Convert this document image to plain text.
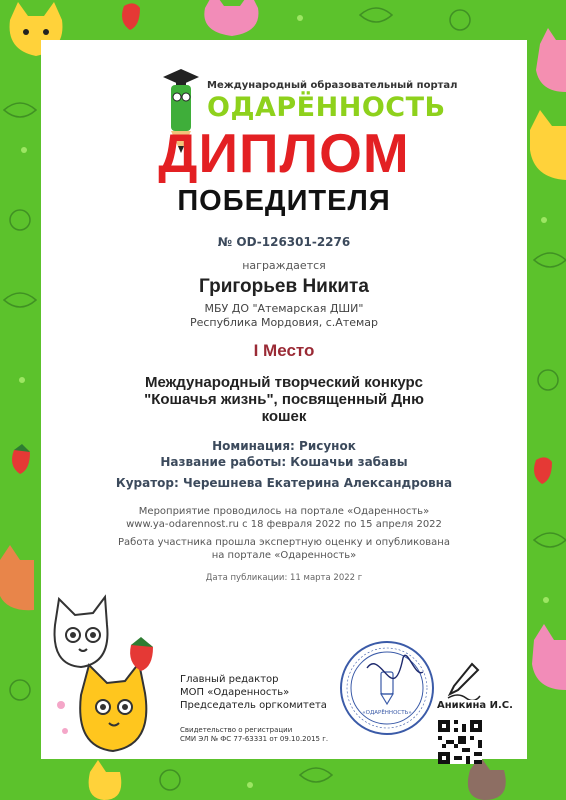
Международный образовательный портал
ОДАРЁННОСТЬ
ДИПЛОМ
ПОБЕДИТЕЛЯ
№ OD-126301-2276
награждается
Григорьев Никита
МБУ ДО "Атемарская ДШИ"
Республика Мордовия, с.Атемар
I Место
Международный творческий конкурс
"Кошачья жизнь", посвященный Дню
кошек
Номинация: Рисунок
Название работы: Кошачьи забавы
Куратор: Черешнева Екатерина Александровна
Мероприятие проводилось на портале «Одаренность»
www.ya-odarennost.ru с 18 февраля 2022 по 15 апреля 2022
Работа участника прошла экспертную оценку и опубликована
на портале «Одаренность»
Дата публикации: 11 марта 2022 г
Главный редактор
МОП «Одаренность»
Председатель оргкомитета
Свидетельство о регистрации
СМИ ЭЛ № ФС 77-63331 от 09.10.2015 г.
«ОДАРЁННОСТЬ»
Аникина И.С.
